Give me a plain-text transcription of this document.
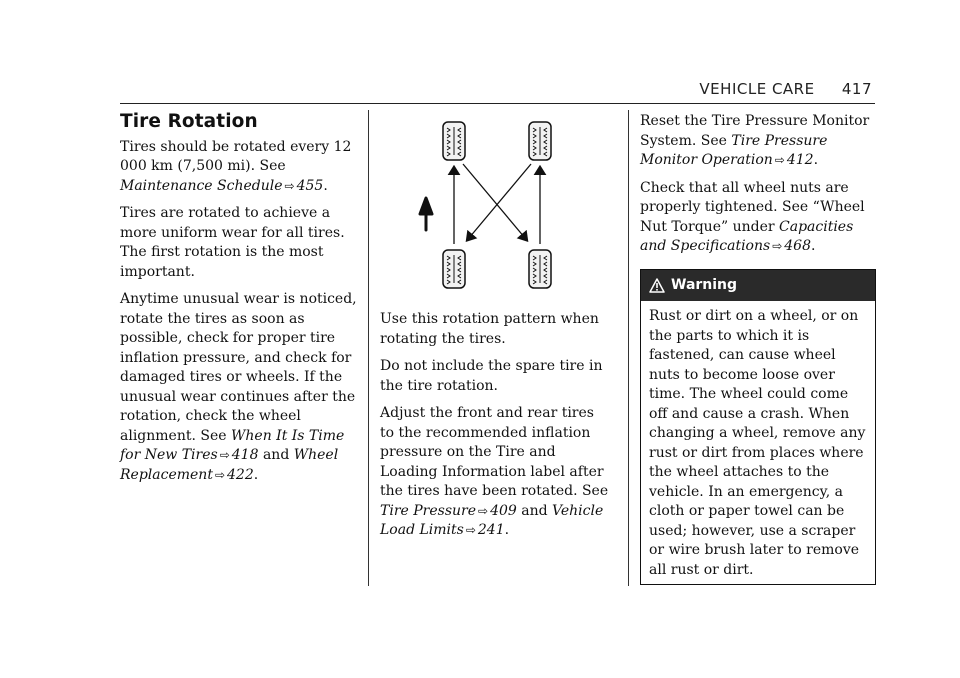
VEHICLE CARE 417
Tire Rotation

Tires should be rotated every 12 000 km (7,500 mi). See Maintenance Schedule ⇨ 455.

Tires are rotated to achieve a more uniform wear for all tires. The first rotation is the most important.

Anytime unusual wear is noticed, rotate the tires as soon as possible, check for proper tire inflation pressure, and check for damaged tires or wheels. If the unusual wear continues after the rotation, check the wheel alignment. See When It Is Time for New Tires ⇨ 418 and Wheel Replacement ⇨ 422.

Use this rotation pattern when rotating the tires.

Do not include the spare tire in the tire rotation.

Adjust the front and rear tires to the recommended inflation pressure on the Tire and Loading Information label after the tires have been rotated. See Tire Pressure ⇨ 409 and Vehicle Load Limits ⇨ 241.

Reset the Tire Pressure Monitor System. See Tire Pressure Monitor Operation ⇨ 412.

Check that all wheel nuts are properly tightened. See “Wheel Nut Torque” under Capacities and Specifications ⇨ 468.

Warning
Rust or dirt on a wheel, or on the parts to which it is fastened, can cause wheel nuts to become loose over time. The wheel could come off and cause a crash. When changing a wheel, remove any rust or dirt from places where the wheel attaches to the vehicle. In an emergency, a cloth or paper towel can be used; however, use a scraper or wire brush later to remove all rust or dirt.
